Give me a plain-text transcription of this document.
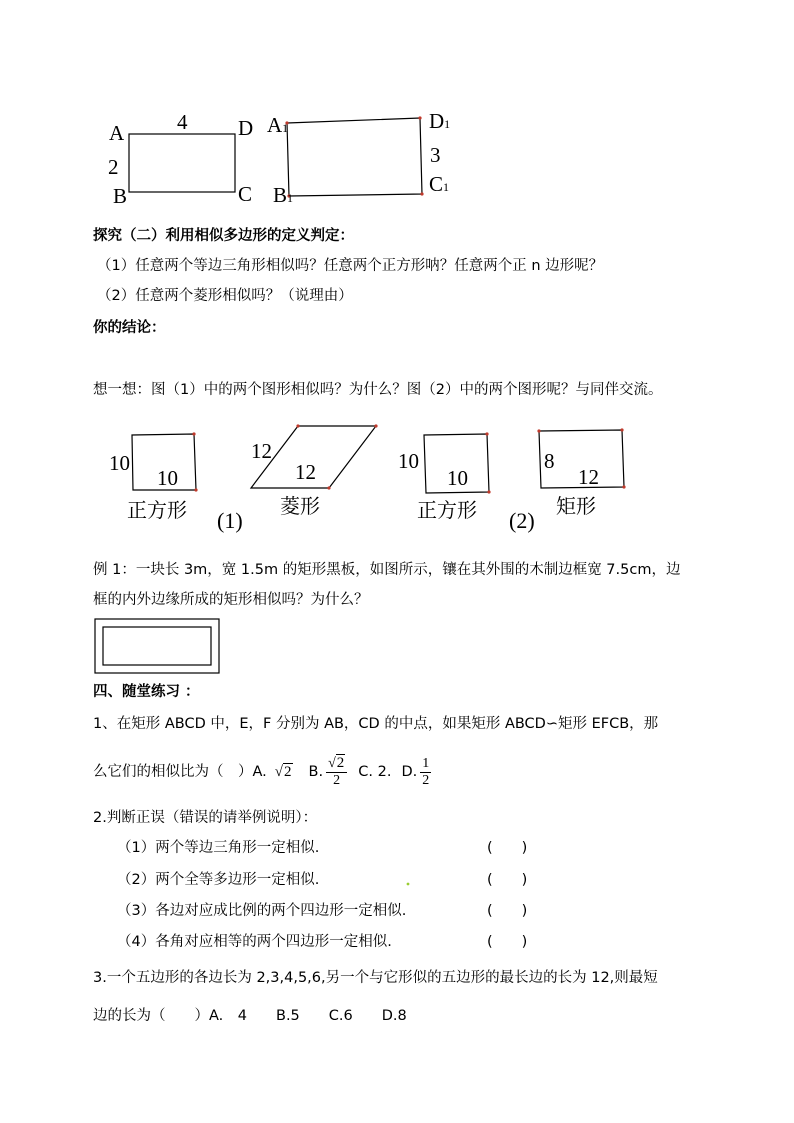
A	4 D
2
B	C
A1	D1
3
C1
B1
探究（二）利用相似多边形的定义判定：
（1）任意两个等边三角形相似吗？任意两个正方形呐？任意两个正 n 边形呢？
（2）任意两个菱形相似吗？（说理由）
你的结论：
想一想：图（1）中的两个图形相似吗？为什么？图（2）中的两个图形呢？与同伴交流。
10
10
正方形
12
12
菱形
(1)
10
10
正方形
8
12
矩形
(2)
例 1：一块长 3m，宽 1.5m 的矩形黑板，如图所示，镶在其外围的木制边框宽 7.5cm，边
框的内外边缘所成的矩形相似吗？为什么？
四、随堂练习 ：
1、在矩形 ABCD 中，E，F 分别为 AB，CD 的中点，如果矩形 ABCD∽矩形 EFCB，那
么它们的相似比为（　）A. √2 B. $\frac{√2}{2} C$. 2. D. $\frac{1}{2}$
2.判断正误（错误的请举例说明）：
（1）两个等边三角形一定相似.	(　　)
（2）两个全等多边形一定相似.	(　　)
（3）各边对应成比例的两个四边形一定相似.	(　　)
（4）各角对应相等的两个四边形一定相似.	(　　)
3.一个五边形的各边长为 2,3,4,5,6,另一个与它形似的五边形的最长边的长为 12,则最短
边的长为（　　）A.　4　　B.5　　C.6　　D.8
